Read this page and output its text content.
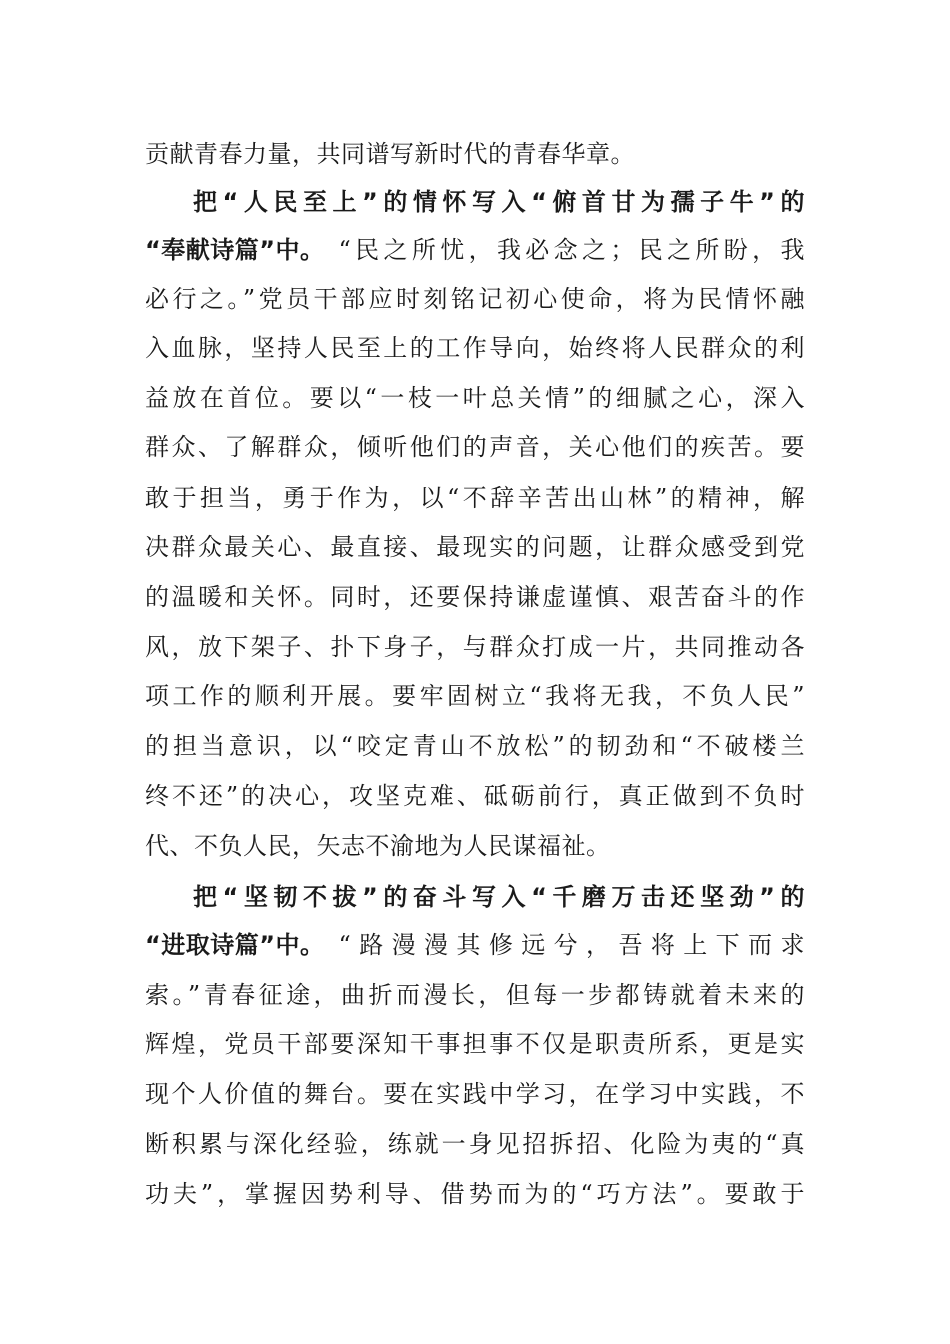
贡献青春力量，共同谱写新时代的青春华章。
把“人民至上”的情怀写入“俯首甘为孺子牛”的
“奉献诗篇”中。 “民之所忧，我必念之；民之所盼，我
必行之。”党员干部应时刻铭记初心使命，将为民情怀融
入血脉，坚持人民至上的工作导向，始终将人民群众的利
益放在首位。要以“一枝一叶总关情”的细腻之心，深入
群众、了解群众，倾听他们的声音，关心他们的疾苦。要
敢于担当，勇于作为，以“不辞辛苦出山林”的精神，解
决群众最关心、最直接、最现实的问题，让群众感受到党
的温暖和关怀。同时，还要保持谦虚谨慎、艰苦奋斗的作
风，放下架子、扑下身子，与群众打成一片，共同推动各
项工作的顺利开展。要牢固树立“我将无我，不负人民”
的担当意识，以“咬定青山不放松”的韧劲和“不破楼兰
终不还”的决心，攻坚克难、砥砺前行，真正做到不负时
代、不负人民，矢志不渝地为人民谋福祉。
把“坚韧不拔”的奋斗写入“千磨万击还坚劲”的
“进取诗篇”中。 “路漫漫其修远兮，吾将上下而求
索。”青春征途，曲折而漫长，但每一步都铸就着未来的
辉煌，党员干部要深知干事担事不仅是职责所系，更是实
现个人价值的舞台。要在实践中学习，在学习中实践，不
断积累与深化经验，练就一身见招拆招、化险为夷的“真
功夫”，掌握因势利导、借势而为的“巧方法”。要敢于
